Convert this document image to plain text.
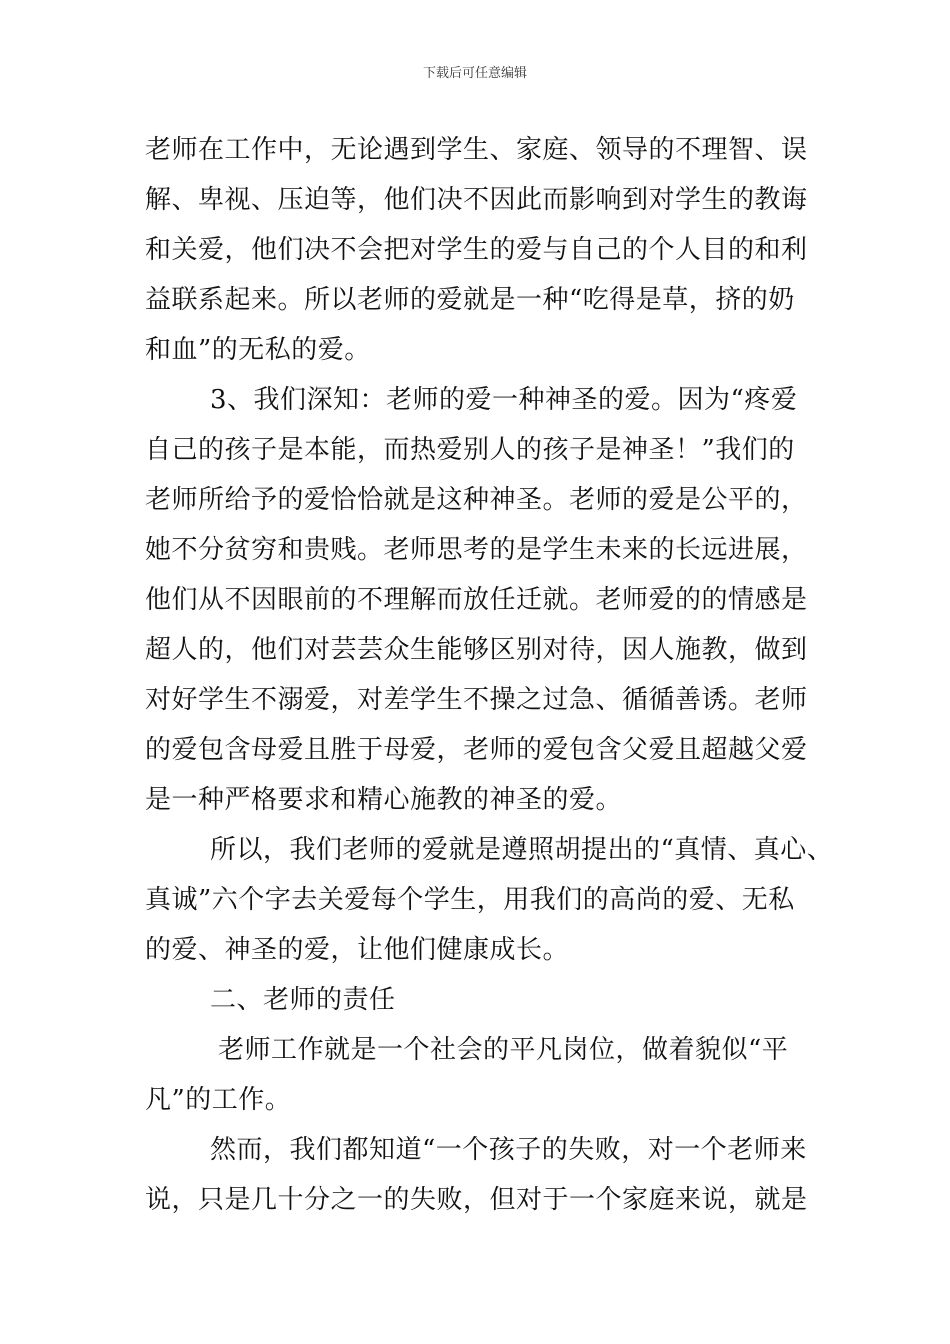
下载后可任意编辑
老师在工作中，无论遇到学生、家庭、领导的不理智、误
解、卑视、压迫等，他们决不因此而影响到对学生的教诲
和关爱，他们决不会把对学生的爱与自己的个人目的和利
益联系起来。所以老师的爱就是一种“吃得是草，挤的奶
和血”的无私的爱。
3、我们深知：老师的爱一种神圣的爱。因为“疼爱
自己的孩子是本能，而热爱别人的孩子是神圣！”我们的
老师所给予的爱恰恰就是这种神圣。老师的爱是公平的，
她不分贫穷和贵贱。老师思考的是学生未来的长远进展，
他们从不因眼前的不理解而放任迁就。老师爱的的情感是
超人的，他们对芸芸众生能够区别对待，因人施教，做到
对好学生不溺爱，对差学生不操之过急、循循善诱。老师
的爱包含母爱且胜于母爱，老师的爱包含父爱且超越父爱
是一种严格要求和精心施教的神圣的爱。
所以，我们老师的爱就是遵照胡提出的“真情、真心、
真诚”六个字去关爱每个学生，用我们的高尚的爱、无私
的爱、神圣的爱，让他们健康成长。
二、老师的责任
老师工作就是一个社会的平凡岗位，做着貌似“平
凡”的工作。
然而，我们都知道“一个孩子的失败，对一个老师来
说，只是几十分之一的失败，但对于一个家庭来说，就是
